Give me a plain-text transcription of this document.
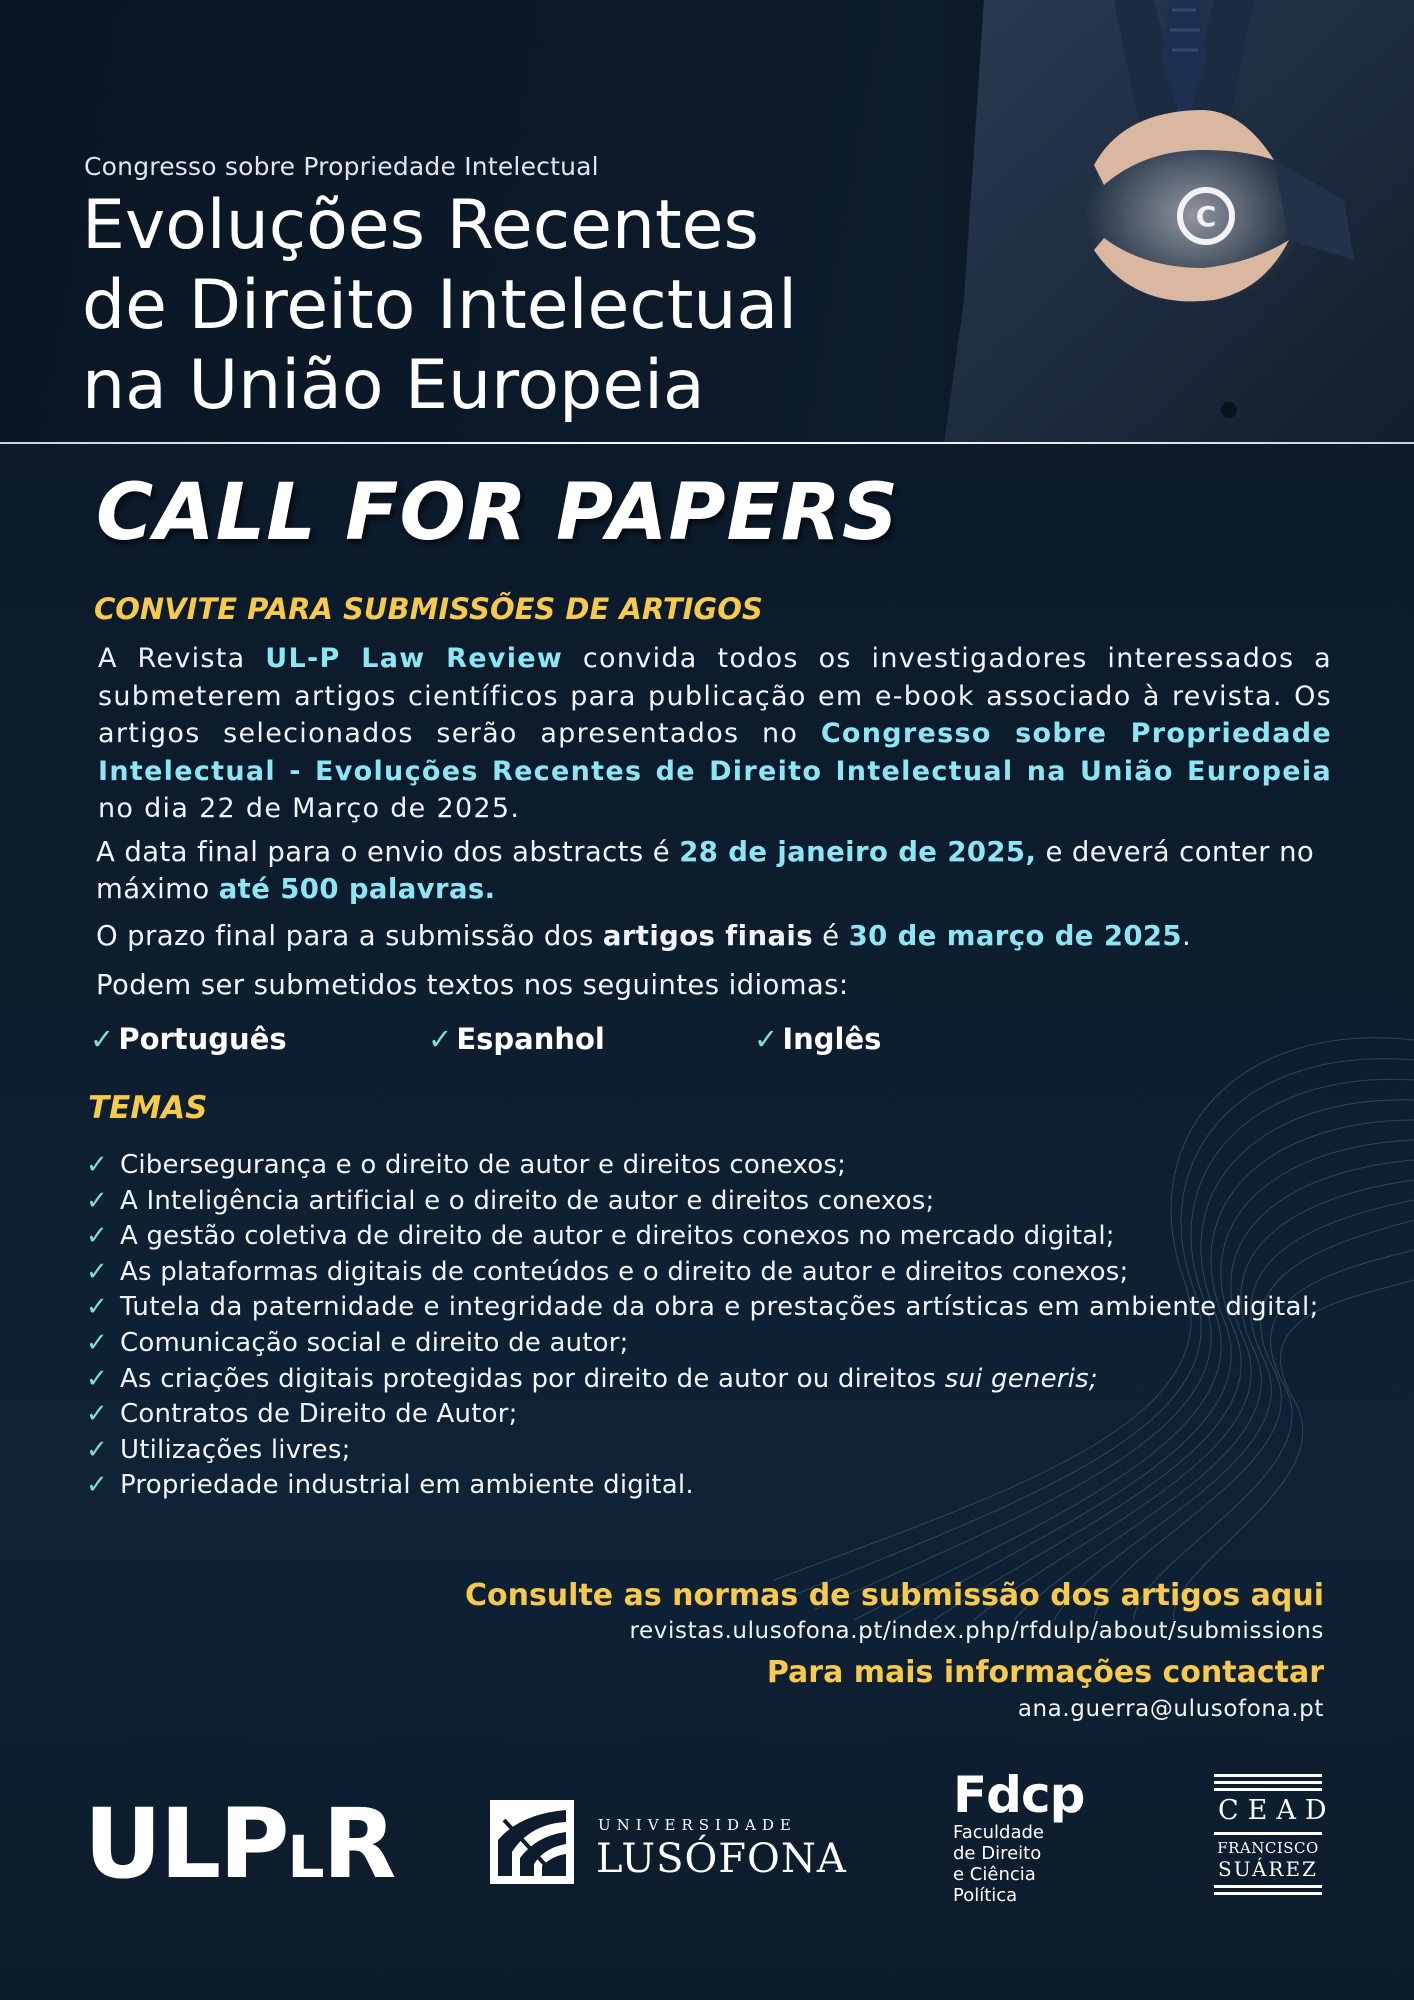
C
Congresso sobre Propriedade Intelectual
Evoluções Recentes
de Direito Intelectual
na União Europeia
CALL FOR PAPERS
CONVITE PARA SUBMISSÕES DE ARTIGOS
A Revista UL-P Law Review convida todos os investigadores interessados a submeterem artigos científicos para publicação em e-book associado à revista. Os artigos selecionados serão apresentados no Congresso sobre Propriedade Intelectual - Evoluções Recentes de Direito Intelectual na União Europeia no dia 22 de Março de 2025.
A data final para o envio dos abstracts é 28 de janeiro de 2025, e deverá conter no máximo até 500 palavras.
O prazo final para a submissão dos artigos finais é 30 de março de 2025.
Podem ser submetidos textos nos seguintes idiomas:
✓ Português	✓ Espanhol	✓ Inglês
TEMAS
✓ Cibersegurança e o direito de autor e direitos conexos;
✓ A Inteligência artificial e o direito de autor e direitos conexos;
✓ A gestão coletiva de direito de autor e direitos conexos no mercado digital;
✓ As plataformas digitais de conteúdos e o direito de autor e direitos conexos;
✓ Tutela da paternidade e integridade da obra e prestações artísticas em ambiente digital;
✓ Comunicação social e direito de autor;
✓ As criações digitais protegidas por direito de autor ou direitos sui generis;
✓ Contratos de Direito de Autor;
✓ Utilizações livres;
✓ Propriedade industrial em ambiente digital.
Consulte as normas de submissão dos artigos aqui
revistas.ulusofona.pt/index.php/rfdulp/about/submissions
Para mais informações contactar
ana.guerra@ulusofona.pt
ULPLR	UNIVERSIDADE
LUSÓFONA
Fdcp
Faculdade
de Direito
e Ciência
Política
CEAD
FRANCISCO
SUÁREZ
